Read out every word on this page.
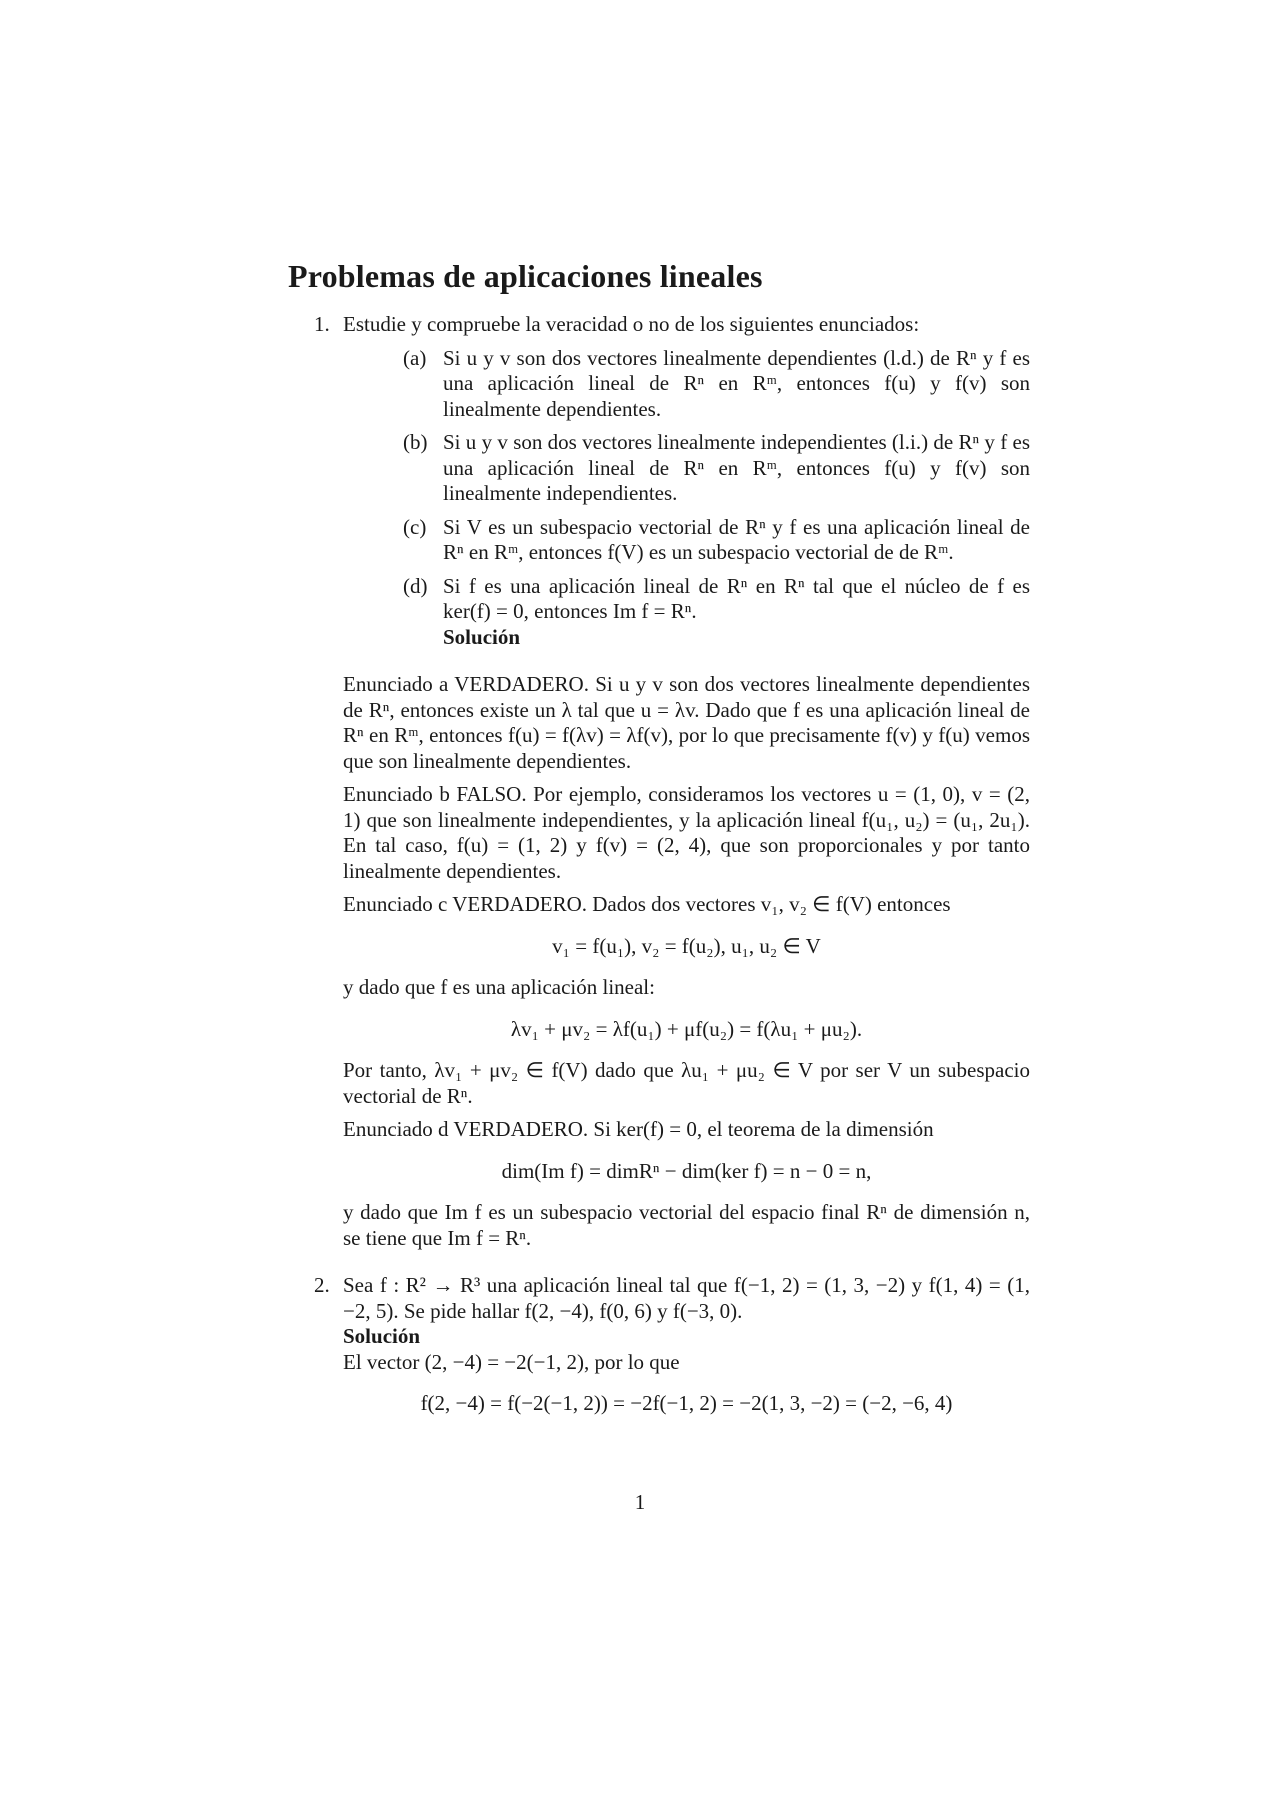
Problemas de aplicaciones lineales
1. Estudie y compruebe la veracidad o no de los siguientes enunciados:
(a) Si u y v son dos vectores linealmente dependientes (l.d.) de Rⁿ y f es una aplicación lineal de Rⁿ en Rᵐ, entonces f(u) y f(v) son linealmente dependientes.
(b) Si u y v son dos vectores linealmente independientes (l.i.) de Rⁿ y f es una aplicación lineal de Rⁿ en Rᵐ, entonces f(u) y f(v) son linealmente independientes.
(c) Si V es un subespacio vectorial de Rⁿ y f es una aplicación lineal de Rⁿ en Rᵐ, entonces f(V) es un subespacio vectorial de de Rᵐ.
(d) Si f es una aplicación lineal de Rⁿ en Rⁿ tal que el núcleo de f es ker(f) = 0, entonces Im f = Rⁿ.
Solución
Enunciado a VERDADERO. Si u y v son dos vectores linealmente dependientes de Rⁿ, entonces existe un λ tal que u = λv. Dado que f es una aplicación lineal de Rⁿ en Rᵐ, entonces f(u) = f(λv) = λf(v), por lo que precisamente f(v) y f(u) vemos que son linealmente dependientes.
Enunciado b FALSO. Por ejemplo, consideramos los vectores u = (1, 0), v = (2, 1) que son linealmente independientes, y la aplicación lineal f(u₁, u₂) = (u₁, 2u₁). En tal caso, f(u) = (1, 2) y f(v) = (2, 4), que son proporcionales y por tanto linealmente dependientes.
Enunciado c VERDADERO. Dados dos vectores v₁, v₂ ∈ f(V) entonces
v₁ = f(u₁), v₂ = f(u₂), u₁, u₂ ∈ V
y dado que f es una aplicación lineal:
λv₁ + μv₂ = λf(u₁) + μf(u₂) = f(λu₁ + μu₂).
Por tanto, λv₁ + μv₂ ∈ f(V) dado que λu₁ + μu₂ ∈ V por ser V un subespacio vectorial de Rⁿ.
Enunciado d VERDADERO. Si ker(f) = 0, el teorema de la dimensión
dim(Im f) = dimRⁿ − dim(ker f) = n − 0 = n,
y dado que Im f es un subespacio vectorial del espacio final Rⁿ de dimensión n, se tiene que Im f = Rⁿ.
2. Sea f : R² → R³ una aplicación lineal tal que f(−1, 2) = (1, 3, −2) y f(1, 4) = (1, −2, 5). Se pide hallar f(2, −4), f(0, 6) y f(−3, 0).
Solución
El vector (2, −4) = −2(−1, 2), por lo que
f(2, −4) = f(−2(−1, 2)) = −2f(−1, 2) = −2(1, 3, −2) = (−2, −6, 4)
1
